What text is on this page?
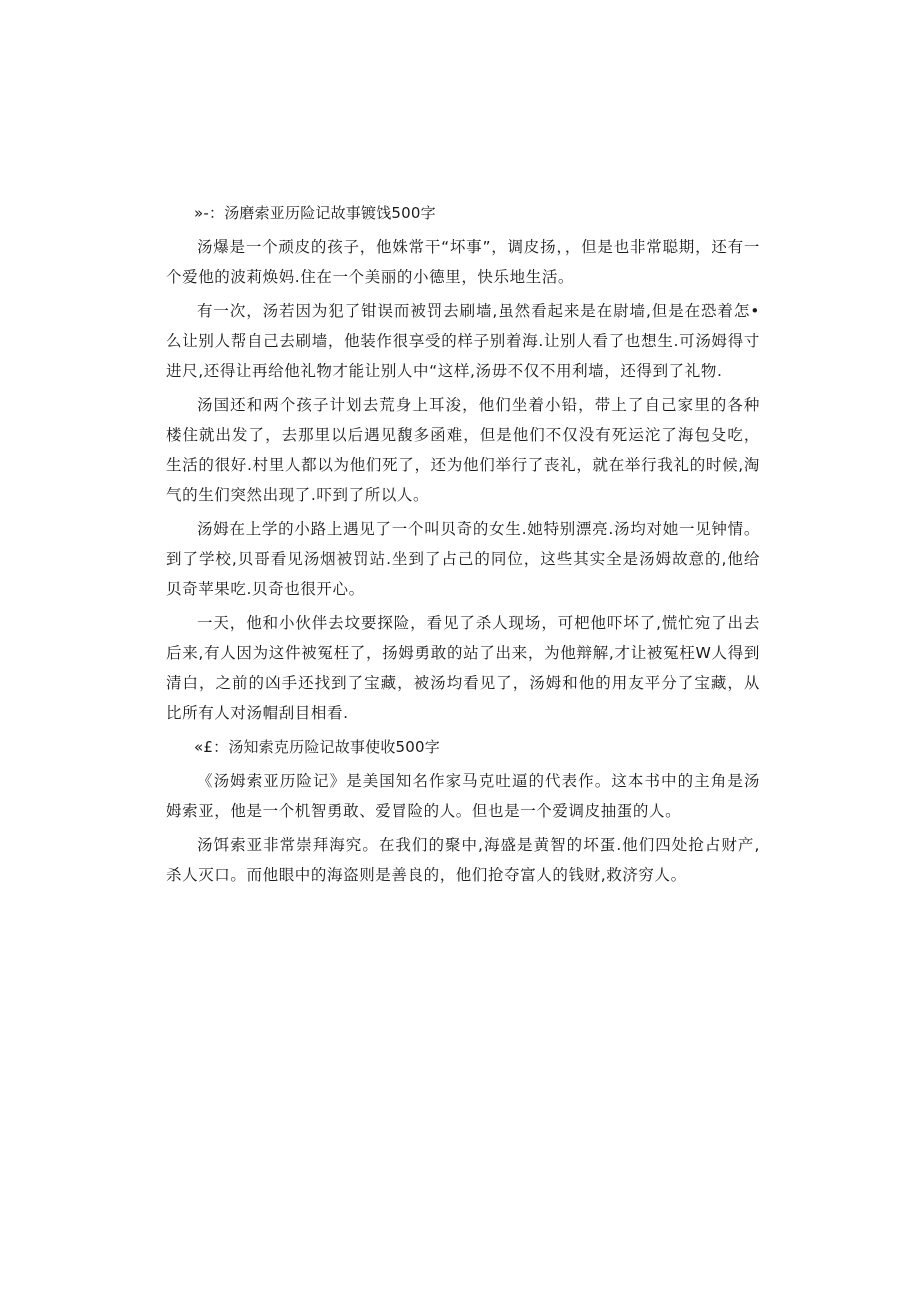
»-：汤磨索亚历险记故事镀饯500字

汤爆是一个顽皮的孩子，他姝常干“坏事”，调皮扬，，但是也非常聪期，还有一个爱他的波莉焕妈.住在一个美丽的小德里，快乐地生活。

有一次，汤若因为犯了钳误而被罚去刷墙,虽然看起来是在尉墙,但是在恐着怎•么让别人帮自己去刷墙，他装作很享受的样子别着海.让别人看了也想生.可汤姆得寸进尺,还得让再给他礼物才能让别人中“这样,汤毋不仅不用利墙，还得到了礼物.

汤国还和两个孩子计划去荒身上耳浚，他们坐着小铅，带上了自己家里的各种楼住就出发了，去那里以后遇见馥多函难，但是他们不仅没有死运沱了海包殳吃，生活的很好.村里人都以为他们死了，还为他们举行了丧礼，就在举行我礼的时候,淘气的生们突然出现了.吓到了所以人。

汤姆在上学的小路上遇见了一个叫贝奇的女生.她特别漂亮.汤均对她一见钟情。到了学校,贝哥看见汤烟被罚站.坐到了占己的同位，这些其实全是汤姆故意的,他给贝奇苹果吃.贝奇也很开心。

一天，他和小伙伴去坟要探险，看见了杀人现场，可杷他吓坏了,慌忙宛了出去后来,有人因为这件被冤枉了，扬姆勇敢的站了出来，为他辩解,才让被冤枉W人得到清白，之前的凶手还找到了宝藏，被汤均看见了，汤姆和他的用友平分了宝藏，从比所有人对汤帽刮目相看.

«£：汤知索克历险记故事使收500字

《汤姆索亚历险记》是美国知名作家马克吐逼的代表作。这本书中的主角是汤姆索亚，他是一个机智勇敢、爱冒险的人。但也是一个爱调皮抽蛋的人。

汤饵索亚非常崇拜海究。在我们的聚中,海盛是黄智的坏蛋.他们四处抢占财产,杀人灭口。而他眼中的海盗则是善良的，他们抢夺富人的钱财,救济穷人。
